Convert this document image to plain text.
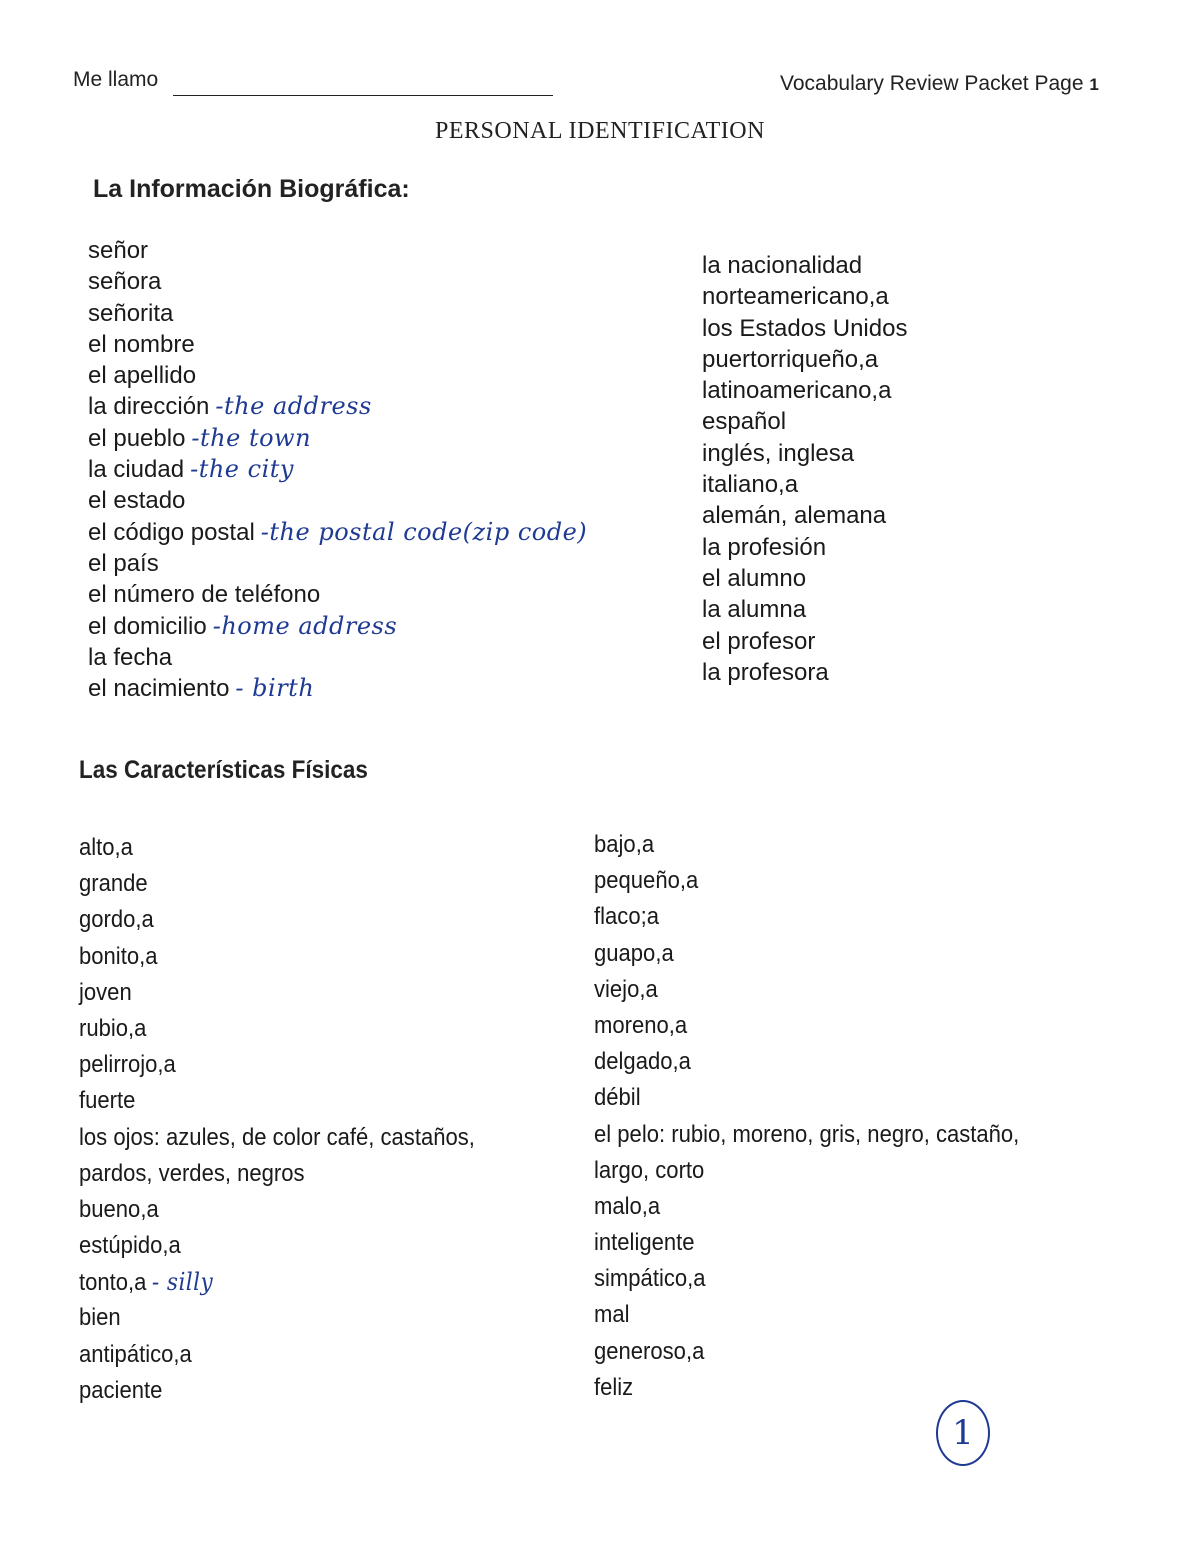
Me llamo	Vocabulary Review Packet Page 1
PERSONAL IDENTIFICATION
La Información Biográfica:
señor
señora
señorita
el nombre
el apellido
la dirección -the address
el pueblo -the town
la ciudad -the city
el estado
el código postal -the postal code(zip code)
el país
el número de teléfono
el domicilio -home address
la fecha
el nacimiento - birth
la nacionalidad
norteamericano,a
los Estados Unidos
puertorriqueño,a
latinoamericano,a
español
inglés, inglesa
italiano,a
alemán, alemana
la profesión
el alumno
la alumna
el profesor
la profesora
Las Características Físicas
alto,a
grande
gordo,a
bonito,a
joven
rubio,a
pelirrojo,a
fuerte
los ojos: azules, de color café, castaños,
pardos, verdes, negros
bueno,a
estúpido,a
tonto,a - silly
bien
antipático,a
paciente
bajo,a
pequeño,a
flaco;a
guapo,a
viejo,a
moreno,a
delgado,a
débil
el pelo: rubio, moreno, gris, negro, castaño,
largo, corto
malo,a
inteligente
simpático,a
mal
generoso,a
feliz
1
